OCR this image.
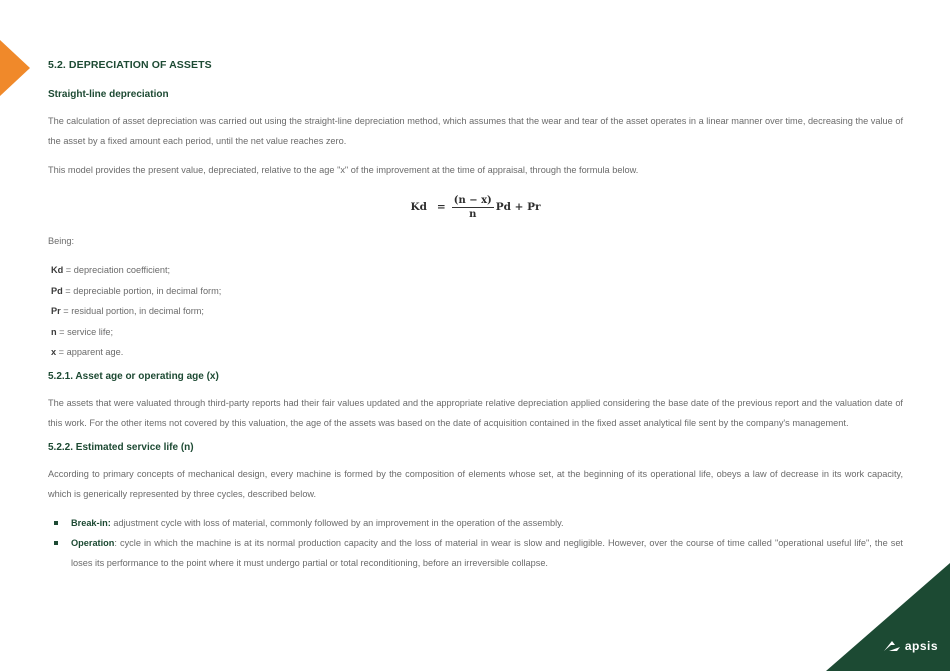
5.2. DEPRECIATION OF ASSETS
Straight-line depreciation

The calculation of asset depreciation was carried out using the straight-line depreciation method, which assumes that the wear and tear of the asset operates in a linear manner over time, decreasing the value of the asset by a fixed amount each period, until the net value reaches zero.

This model provides the present value, depreciated, relative to the age "x" of the improvement at the time of appraisal, through the formula below.

$Kd = \frac{(n - x)}{n}$ Pd + Pr

Being:

Kd = depreciation coefficient;
Pd = depreciable portion, in decimal form;
Pr = residual portion, in decimal form;
n = service life;
x = apparent age.
5.2.1. Asset age or operating age (x)

The assets that were valuated through third-party reports had their fair values updated and the appropriate relative depreciation applied considering the base date of the previous report and the valuation date of this work. For the other items not covered by this valuation, the age of the assets was based on the date of acquisition contained in the fixed asset analytical file sent by the company's management.

5.2.2. Estimated service life (n)

According to primary concepts of mechanical design, every machine is formed by the composition of elements whose set, at the beginning of its operational life, obeys a law of decrease in its work capacity, which is generically represented by three cycles, described below.

Break-in: adjustment cycle with loss of material, commonly followed by an improvement in the operation of the assembly.
Operation: cycle in which the machine is at its normal production capacity and the loss of material in wear is slow and negligible. However, over the course of time called "operational useful life", the set loses its performance to the point where it must undergo partial or total reconditioning, before an irreversible collapse.
apsis
